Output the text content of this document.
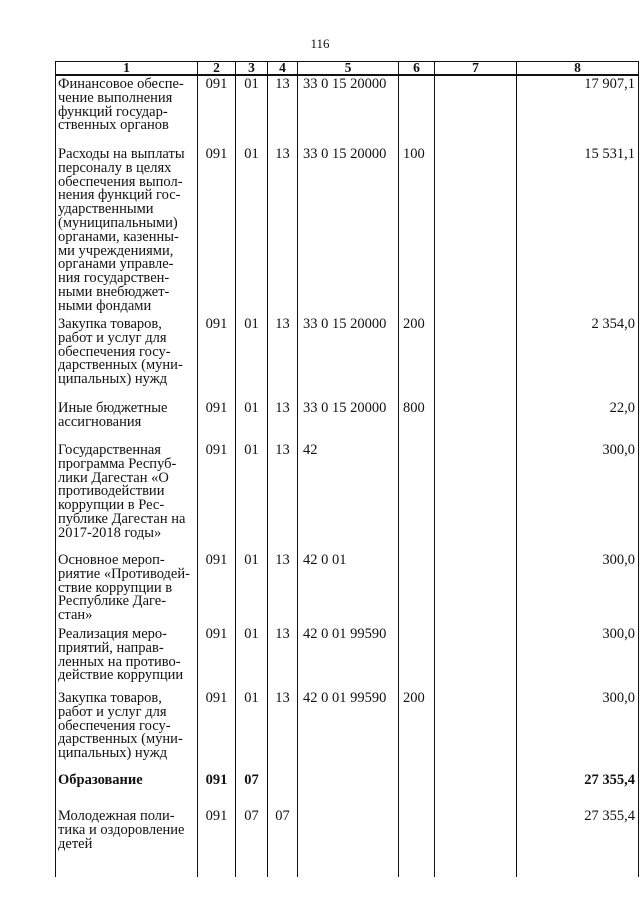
116
1	2	3	4	5	6	7	8
Финансовое обеспе-чение выполнения функций государ-ственных органов	091	01	13	33 0 15 20000			17 907,1
Расходы на выплаты персоналу в целях обеспечения выпол-нения функций гос-ударственными (муниципальными) органами, казенны-ми учреждениями, органами управле-ния государствен-ными внебюджет-ными фондами	091	01	13	33 0 15 20000	100		15 531,1
Закупка товаров, работ и услуг для обеспечения госу-дарственных (муни-ципальных) нужд	091	01	13	33 0 15 20000	200		2 354,0
Иные бюджетные ассигнования	091	01	13	33 0 15 20000	800		22,0
Государственная программа Респуб-лики Дагестан «О противодействии коррупции в Рес-публике Дагестан на 2017-2018 годы»	091	01	13	42			300,0
Основное мероп-риятие «Противодей-ствие коррупции в Республике Даге-стан»	091	01	13	42 0 01			300,0
Реализация меро-приятий, направ-ленных на противо-действие коррупции	091	01	13	42 0 01 99590			300,0
Закупка товаров, работ и услуг для обеспечения госу-дарственных (муни-ципальных) нужд	091	01	13	42 0 01 99590	200		300,0
Образование	091	07					27 355,4
Молодежная поли-тика и оздоровление детей	091	07	07				27 355,4
